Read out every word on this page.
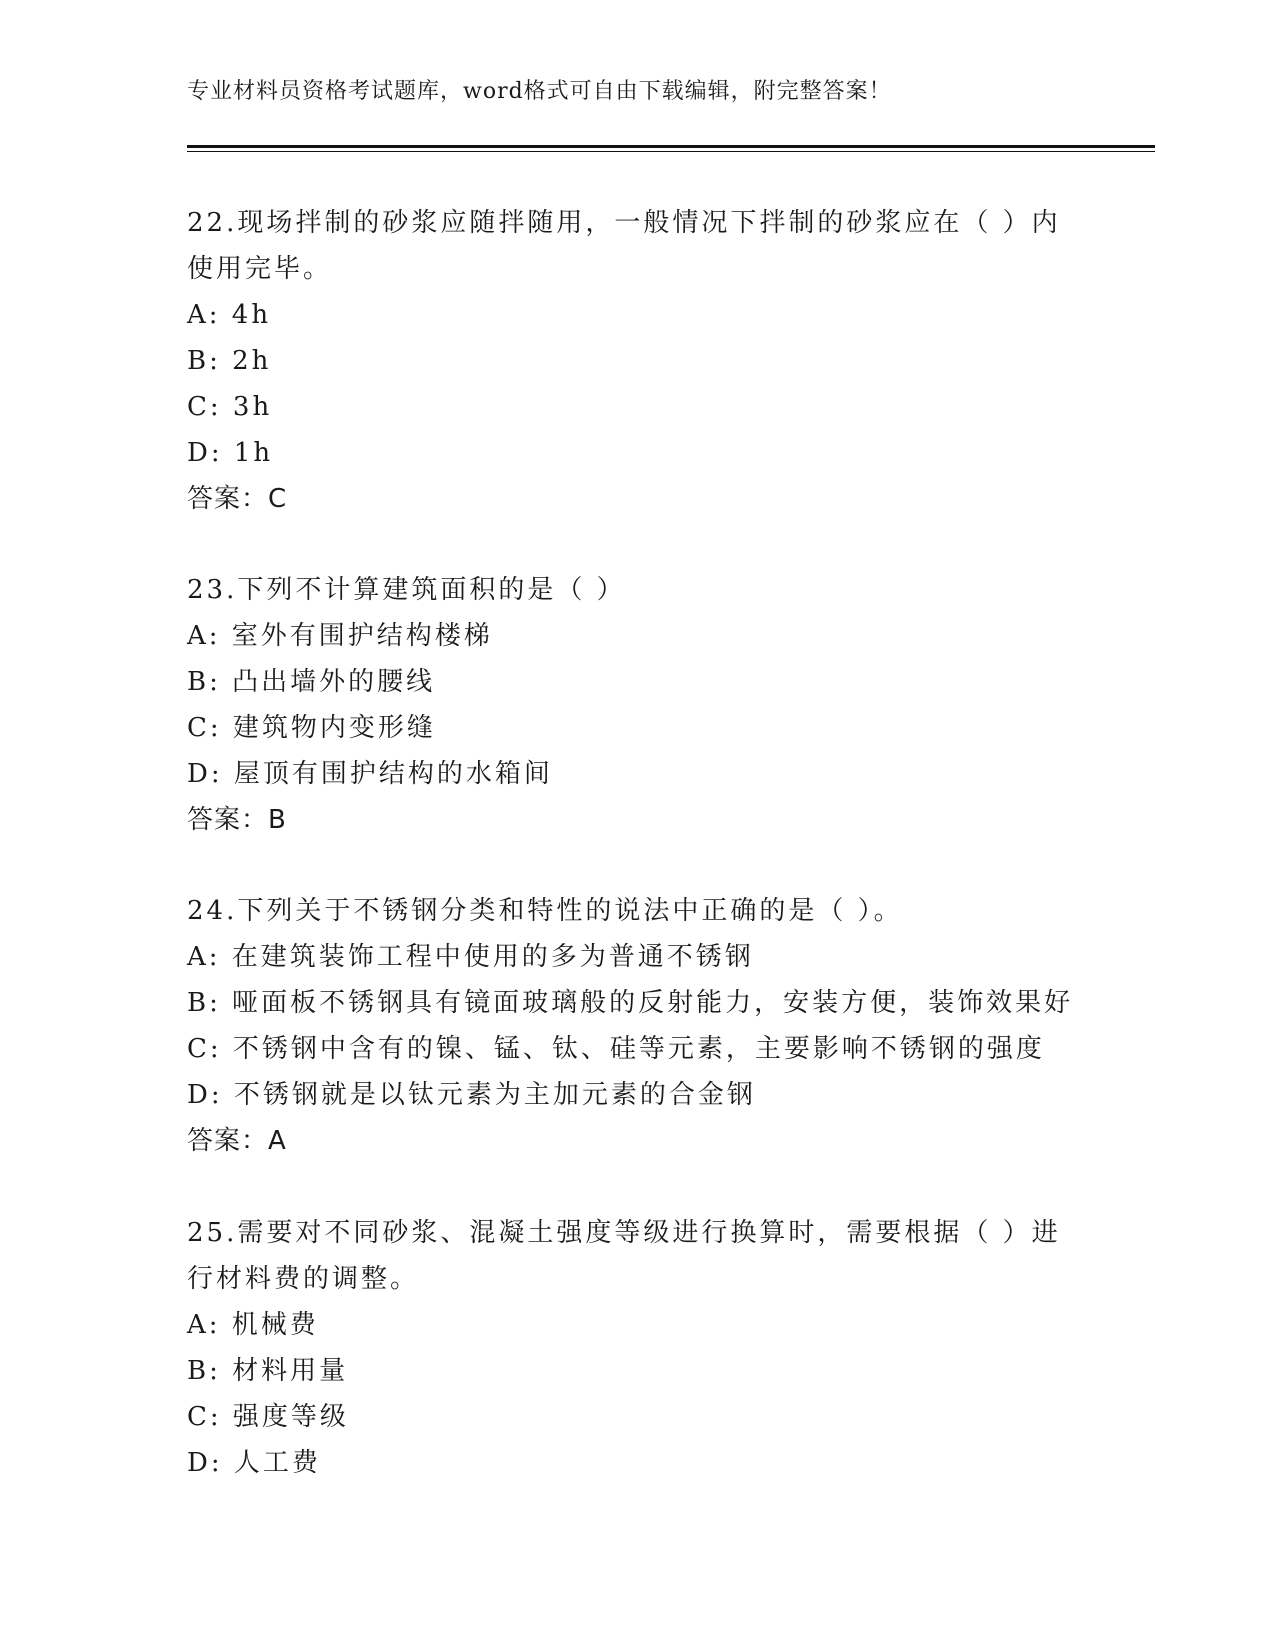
专业材料员资格考试题库，word格式可自由下载编辑，附完整答案！
22.现场拌制的砂浆应随拌随用，一般情况下拌制的砂浆应在（ ）内
使用完毕。
A: 4h
B: 2h
C: 3h
D: 1h
答案：C
23.下列不计算建筑面积的是（ ）
A: 室外有围护结构楼梯
B: 凸出墙外的腰线
C: 建筑物内变形缝
D: 屋顶有围护结构的水箱间
答案：B
24.下列关于不锈钢分类和特性的说法中正确的是（ ）。
A: 在建筑装饰工程中使用的多为普通不锈钢
B: 哑面板不锈钢具有镜面玻璃般的反射能力，安装方便，装饰效果好
C: 不锈钢中含有的镍、锰、钛、硅等元素，主要影响不锈钢的强度
D: 不锈钢就是以钛元素为主加元素的合金钢
答案：A
25.需要对不同砂浆、混凝土强度等级进行换算时，需要根据（ ）进
行材料费的调整。
A: 机械费
B: 材料用量
C: 强度等级
D: 人工费
